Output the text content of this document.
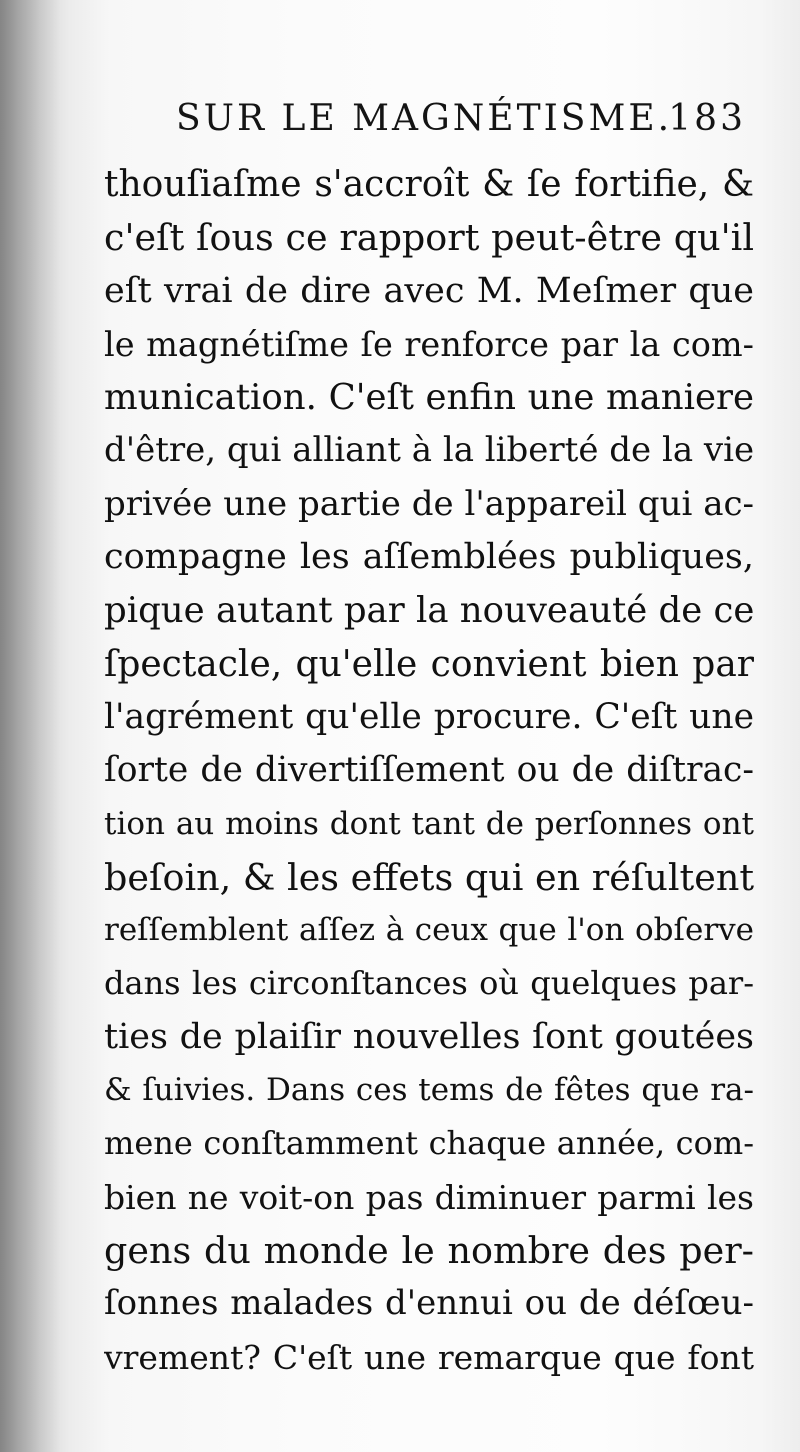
SUR LE MAGNÉTISME.
183
thouſiaſme s'accroît & ſe fortifie, &
c'eſt ſous ce rapport peut-être qu'il
eſt vrai de dire avec M. Meſmer que
le magnétiſme ſe renforce par la com-
munication. C'eſt enfin une maniere
d'être, qui alliant à la liberté de la vie
privée une partie de l'appareil qui ac-
compagne les aſſemblées publiques,
pique autant par la nouveauté de ce
ſpectacle, qu'elle convient bien par
l'agrément qu'elle procure. C'eſt une
ſorte de divertiſſement ou de diſtrac-
tion au moins dont tant de perſonnes ont
beſoin, & les effets qui en réſultent
reſſemblent aſſez à ceux que l'on obſerve
dans les circonſtances où quelques par-
ties de plaiſir nouvelles ſont goutées
& ſuivies. Dans ces tems de fêtes que ra-
mene conſtamment chaque année, com-
bien ne voit-on pas diminuer parmi les
gens du monde le nombre des per-
ſonnes malades d'ennui ou de déſœu-
vrement? C'eſt une remarque que font
